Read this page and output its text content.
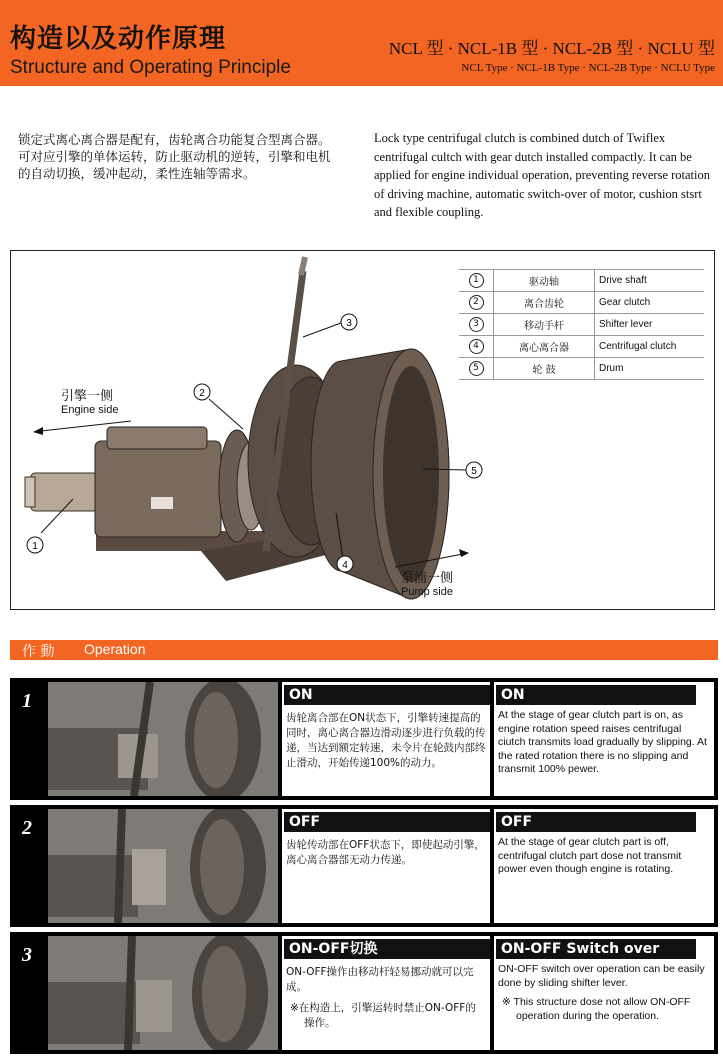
构造以及动作原理
Structure and Operating Principle
NCL 型 · NCL-1B 型 · NCL-2B 型 · NCLU 型
NCL Type · NCL-1B Type · NCL-2B Type · NCLU Type
锁定式离心离合器是配有，齿轮离合功能复合型离合器。可对应引擎的单体运转，防止驱动机的逆转，引擎和电机的自动切换，缓冲起动，柔性连轴等需求。
Lock type centrifugal clutch is combined dutch of Twiflex centrifugal cultch with gear dutch installed compactly. It can be applied for engine individual operation, preventing reverse rotation of driving machine, automatic switch-over of motor, cushion stsrt and flexible coupling.
1
2
3
4
5
引擎一侧
Engine side
泵浦一侧
Pump side
1	驱动轴	Drive shaft
2	离合齿轮	Gear clutch
3	移动手杆	Shifter lever
4	离心离合器	Centrifugal clutch
5	轮 鼓	Drum
作 動 Operation
1	ON
齿轮离合部在ON状态下，引擎转速提高的同时，离心离合器边滑动逐步进行负载的传递，当达到额定转速，未令片在轮鼓内部终止滑动，开始传递100%的动力。
ON
At the stage of gear clutch part is on, as engine rotation speed raises centrifugal ciutch transmits load gradually by slipping. At the rated rotation there is no slipping and transmit 100% pewer.
2	OFF
齿轮传动部在OFF状态下，即使起动引擎，离心离合器部无动力传递。
OFF
At the stage of gear clutch part is off, centrifugal clutch part dose not transmit power even though engine is rotating.
3	ON-OFF切换
ON-OFF操作由移动杆轻易挪动就可以完成。
※在构造上，引擎运转时禁止ON-OFF的操作。
ON-OFF Switch over
ON-OFF switch over operation can be easily done by sliding shifter lever.
※ This structure dose not allow ON-OFF operation during the operation.
